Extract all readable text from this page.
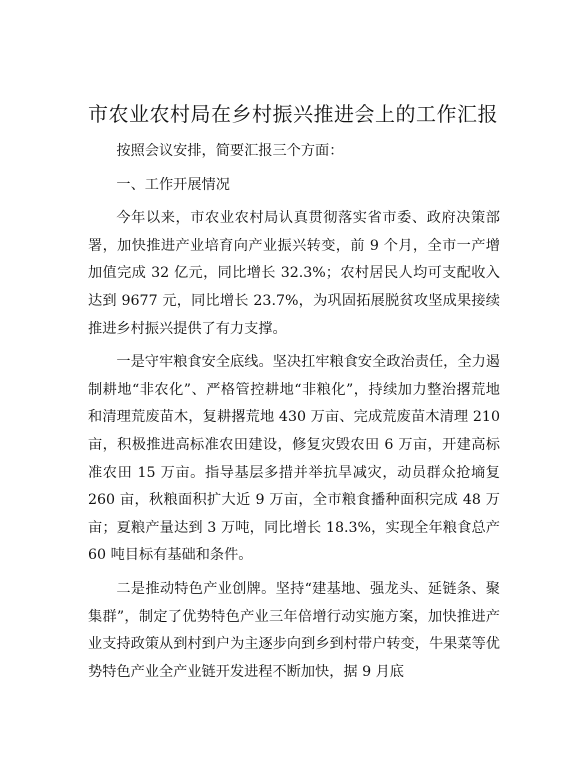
市农业农村局在乡村振兴推进会上的工作汇报

按照会议安排，简要汇报三个方面：

一、工作开展情况

今年以来，市农业农村局认真贯彻落实省市委、政府决策部署，加快推进产业培育向产业振兴转变，前 9 个月，全市一产增加值完成 32 亿元，同比增长 32.3%；农村居民人均可支配收入达到 9677 元，同比增长 23.7%，为巩固拓展脱贫攻坚成果接续推进乡村振兴提供了有力支撑。

一是守牢粮食安全底线。坚决扛牢粮食安全政治责任，全力遏制耕地“非农化”、严格管控耕地“非粮化”，持续加力整治撂荒地和清理荒废苗木，复耕撂荒地 430 万亩、完成荒废苗木清理 210 亩，积极推进高标准农田建设，修复灾毁农田 6 万亩，开建高标准农田 15 万亩。指导基层多措并举抗旱减灾，动员群众抢墒复 260 亩，秋粮面积扩大近 9 万亩，全市粮食播种面积完成 48 万亩；夏粮产量达到 3 万吨，同比增长 18.3%，实现全年粮食总产 60 吨目标有基础和条件。

二是推动特色产业创牌。坚持“建基地、强龙头、延链条、聚集群”，制定了优势特色产业三年倍增行动实施方案，加快推进产业支持政策从到村到户为主逐步向到乡到村带户转变，牛果菜等优势特色产业全产业链开发进程不断加快，据 9 月底
